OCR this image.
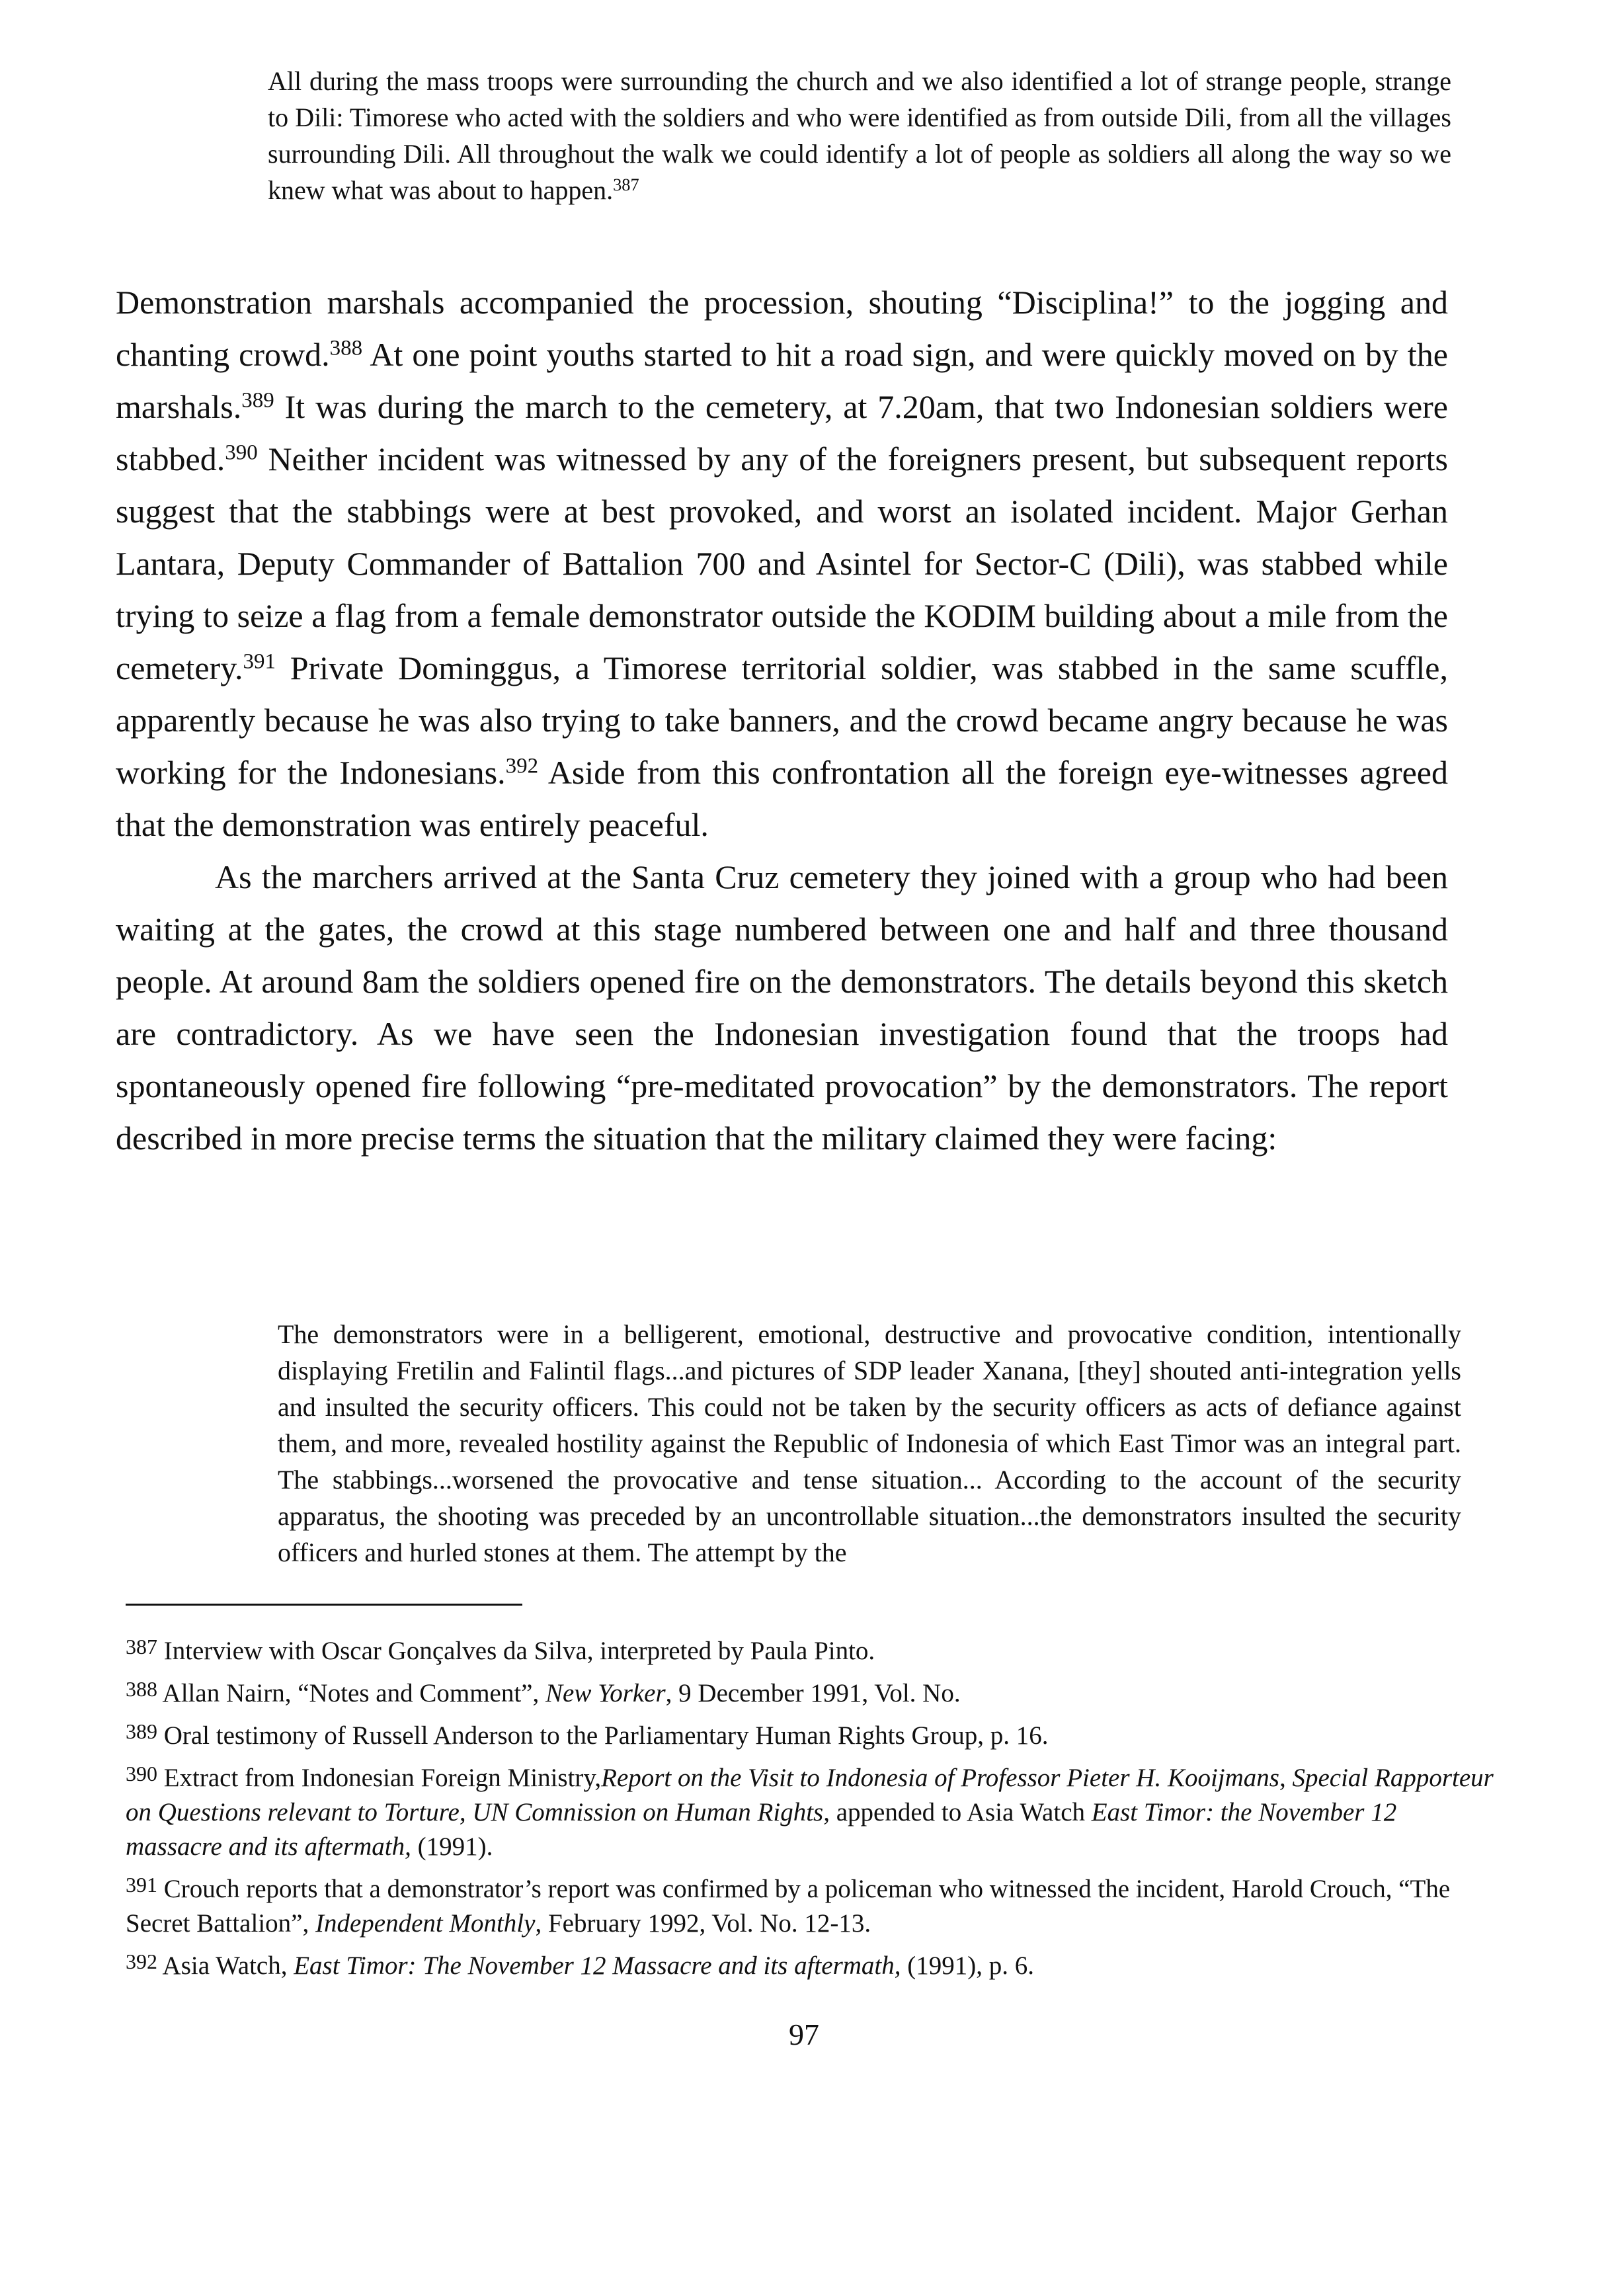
All during the mass troops were surrounding the church and we also identified a lot of strange people, strange to Dili: Timorese who acted with the soldiers and who were identified as from outside Dili, from all the villages surrounding Dili. All throughout the walk we could identify a lot of people as soldiers all along the way so we knew what was about to happen.$^{387}$

Demonstration marshals accompanied the procession, shouting “Disciplina!” to the jogging and chanting crowd.$^{388}$ At one point youths started to hit a road sign, and were quickly moved on by the marshals.$^{389}$ It was during the march to the cemetery, at 7.20am, that two Indonesian soldiers were stabbed.$^{390}$ Neither incident was witnessed by any of the foreigners present, but subsequent reports suggest that the stabbings were at best provoked, and worst an isolated incident. Major Gerhan Lantara, Deputy Commander of Battalion 700 and Asintel for Sector-C (Dili), was stabbed while trying to seize a flag from a female demonstrator outside the KODIM building about a mile from the cemetery.$^{391}$ Private Dominggus, a Timorese territorial soldier, was stabbed in the same scuffle, apparently because he was also trying to take banners, and the crowd became angry because he was working for the Indonesians.$^{392}$ Aside from this confrontation all the foreign eye-witnesses agreed that the demonstration was entirely peaceful.

As the marchers arrived at the Santa Cruz cemetery they joined with a group who had been waiting at the gates, the crowd at this stage numbered between one and half and three thousand people. At around 8am the soldiers opened fire on the demonstrators. The details beyond this sketch are contradictory. As we have seen the Indonesian investigation found that the troops had spontaneously opened fire following “pre-meditated provocation” by the demonstrators. The report described in more precise terms the situation that the military claimed they were facing:

The demonstrators were in a belligerent, emotional, destructive and provocative condition, intentionally displaying Fretilin and Falintil flags...and pictures of SDP leader Xanana, [they] shouted anti-integration yells and insulted the security officers. This could not be taken by the security officers as acts of defiance against them, and more, revealed hostility against the Republic of Indonesia of which East Timor was an integral part. The stabbings...worsened the provocative and tense situation... According to the account of the security apparatus, the shooting was preceded by an uncontrollable situation...the demonstrators insulted the security officers and hurled stones at them. The attempt by the
$^{387}$ Interview with Oscar Gonçalves da Silva, interpreted by Paula Pinto.
$^{388}$ Allan Nairn, “Notes and Comment”, New Yorker, 9 December 1991, Vol. No.
$^{389}$ Oral testimony of Russell Anderson to the Parliamentary Human Rights Group, p. 16.
$^{390}$ Extract from Indonesian Foreign Ministry,Report on the Visit to Indonesia of Professor Pieter H. Kooijmans, Special Rapporteur on Questions relevant to Torture, UN Comnission on Human Rights, appended to Asia Watch East Timor: the November 12 massacre and its aftermath, (1991).
$^{391}$ Crouch reports that a demonstrator’s report was confirmed by a policeman who witnessed the incident, Harold Crouch, “The Secret Battalion”, Independent Monthly, February 1992, Vol. No. 12-13.
$^{392}$ Asia Watch, East Timor: The November 12 Massacre and its aftermath, (1991), p. 6.
97
